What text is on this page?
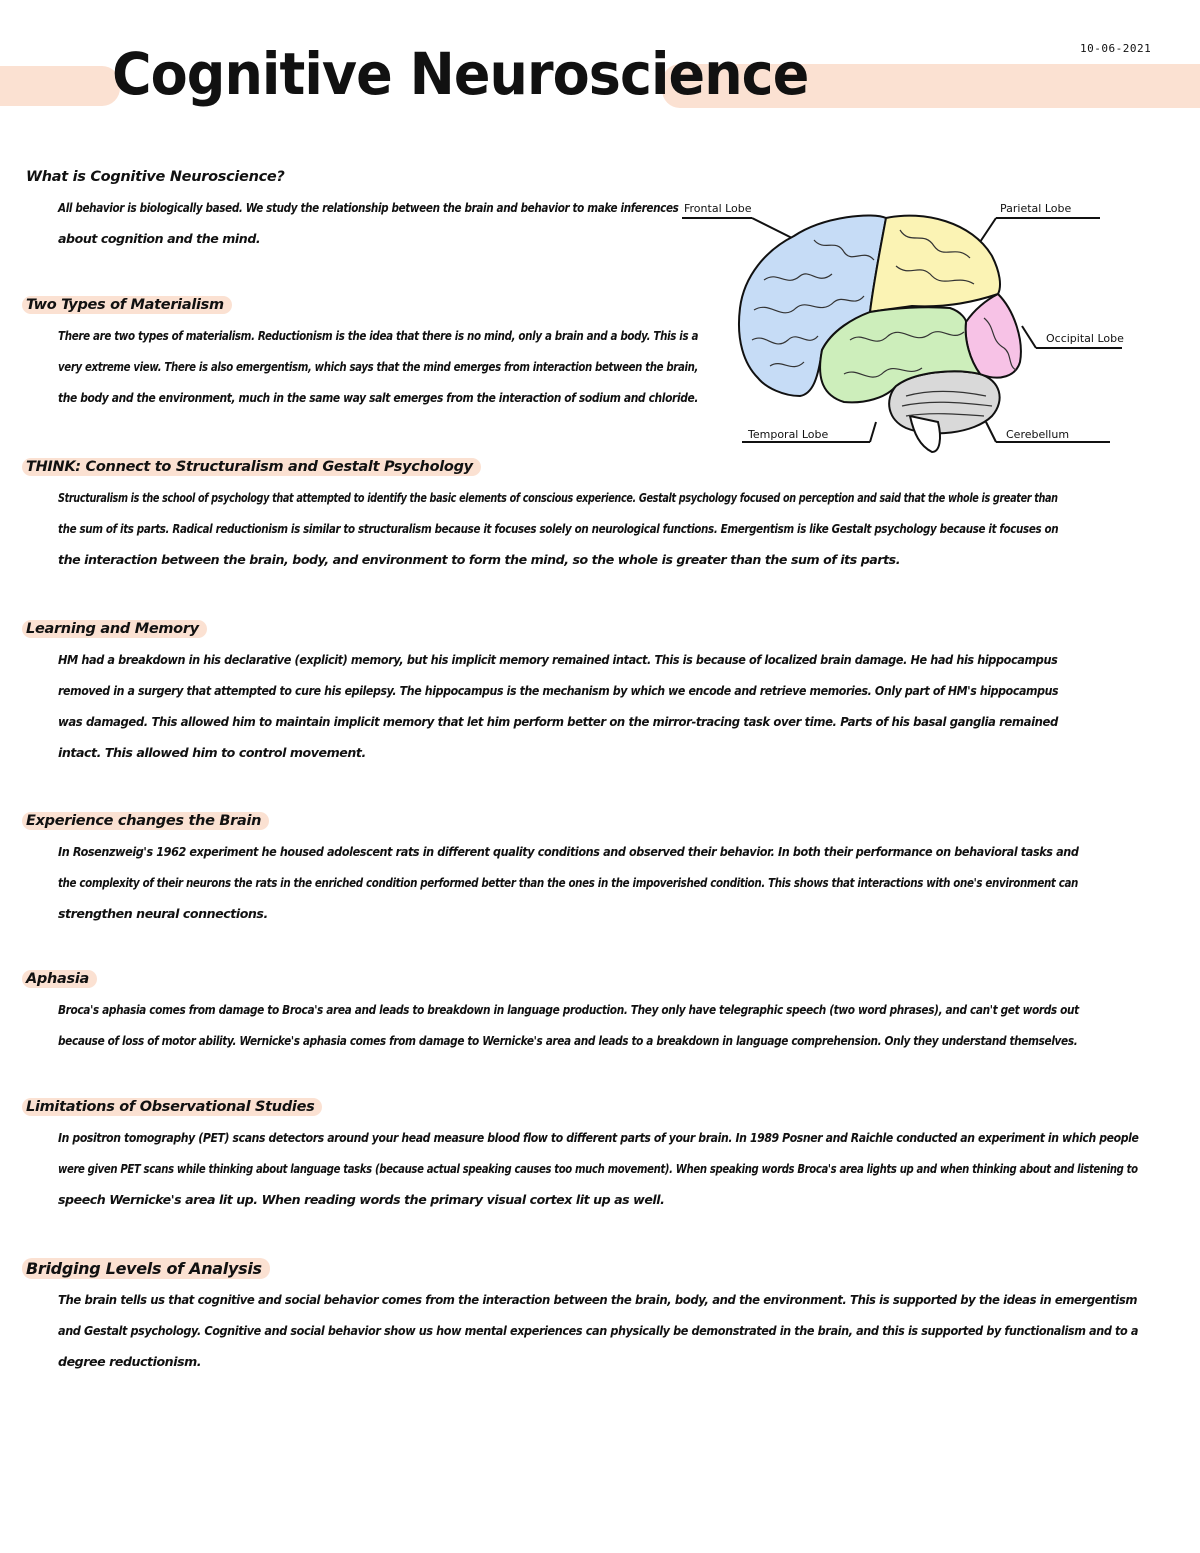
10-06-2021
Cognitive Neuroscience
Frontal Lobe	Parietal Lobe
Occipital Lobe
Temporal Lobe	Cerebellum
What is Cognitive Neuroscience?

All behavior is biologically based. We study the relationship between the brain and behavior to make inferences
about cognition and the mind.

Two Types of Materialism

There are two types of materialism. Reductionism is the idea that there is no mind, only a brain and a body. This is a
very extreme view. There is also emergentism, which says that the mind emerges from interaction between the brain,
the body and the environment, much in the same way salt emerges from the interaction of sodium and chloride.

THINK: Connect to Structuralism and Gestalt Psychology

Structuralism is the school of psychology that attempted to identify the basic elements of conscious experience. Gestalt psychology focused on perception and said that the whole is greater than
the sum of its parts. Radical reductionism is similar to structuralism because it focuses solely on neurological functions. Emergentism is like Gestalt psychology because it focuses on
the interaction between the brain, body, and environment to form the mind, so the whole is greater than the sum of its parts.

Learning and Memory

HM had a breakdown in his declarative (explicit) memory, but his implicit memory remained intact. This is because of localized brain damage. He had his hippocampus
removed in a surgery that attempted to cure his epilepsy. The hippocampus is the mechanism by which we encode and retrieve memories. Only part of HM's hippocampus
was damaged. This allowed him to maintain implicit memory that let him perform better on the mirror-tracing task over time. Parts of his basal ganglia remained
intact. This allowed him to control movement.

Experience changes the Brain

In Rosenzweig's 1962 experiment he housed adolescent rats in different quality conditions and observed their behavior. In both their performance on behavioral tasks and
the complexity of their neurons the rats in the enriched condition performed better than the ones in the impoverished condition. This shows that interactions with one's environment can
strengthen neural connections.

Aphasia

Broca's aphasia comes from damage to Broca's area and leads to breakdown in language production. They only have telegraphic speech (two word phrases), and can't get words out
because of loss of motor ability. Wernicke's aphasia comes from damage to Wernicke's area and leads to a breakdown in language comprehension. Only they understand themselves.

Limitations of Observational Studies

In positron tomography (PET) scans detectors around your head measure blood flow to different parts of your brain. In 1989 Posner and Raichle conducted an experiment in which people
were given PET scans while thinking about language tasks (because actual speaking causes too much movement). When speaking words Broca's area lights up and when thinking about and listening to
speech Wernicke's area lit up. When reading words the primary visual cortex lit up as well.

Bridging Levels of Analysis

The brain tells us that cognitive and social behavior comes from the interaction between the brain, body, and the environment. This is supported by the ideas in emergentism
and Gestalt psychology. Cognitive and social behavior show us how mental experiences can physically be demonstrated in the brain, and this is supported by functionalism and to a
degree reductionism.
